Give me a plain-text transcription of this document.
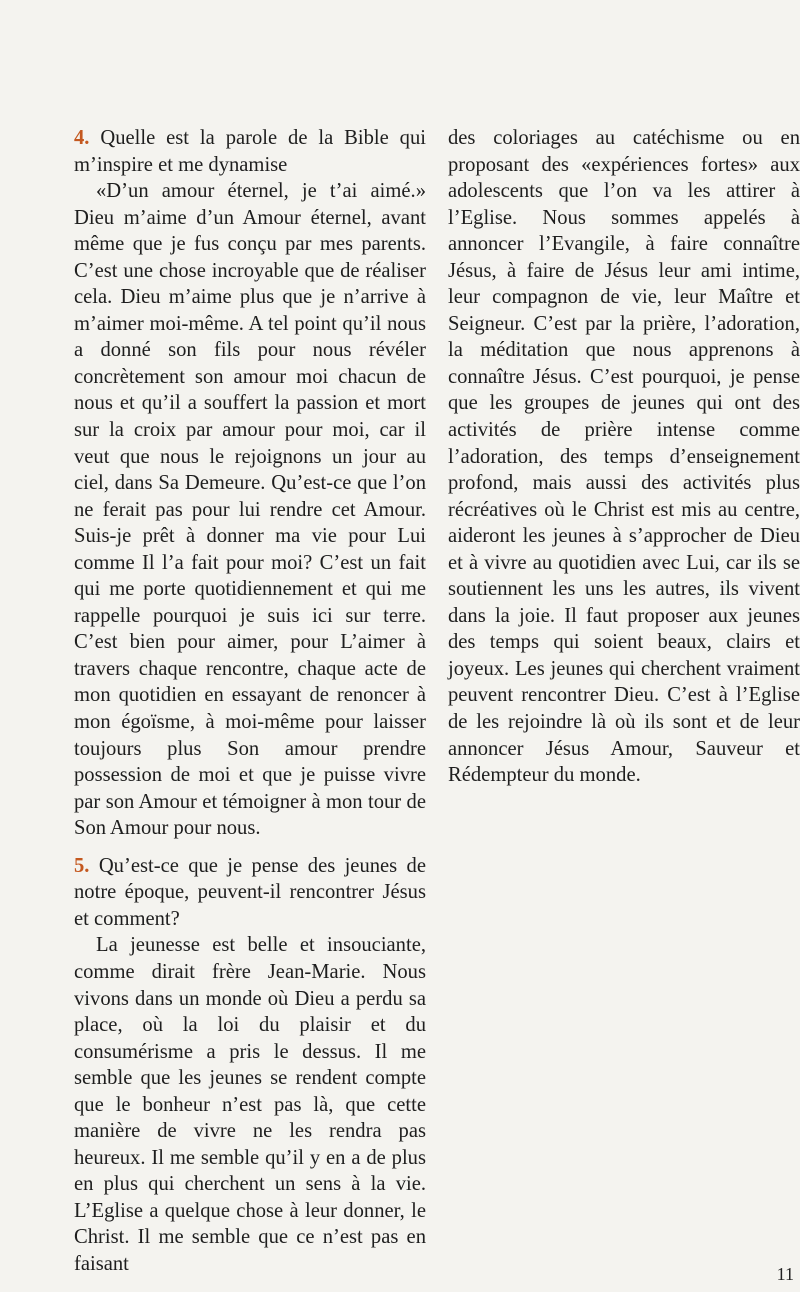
4. Quelle est la parole de la Bible qui m’inspire et me dynamise

«D’un amour éternel, je t’ai aimé.» Dieu m’aime d’un Amour éternel, avant même que je fus conçu par mes parents. C’est une chose incroyable que de réaliser cela. Dieu m’aime plus que je n’arrive à m’aimer moi-même. A tel point qu’il nous a donné son fils pour nous révéler concrètement son amour moi chacun de nous et qu’il a souffert la passion et mort sur la croix par amour pour moi, car il veut que nous le rejoignons un jour au ciel, dans Sa Demeure. Qu’est-ce que l’on ne ferait pas pour lui rendre cet Amour. Suis-je prêt à donner ma vie pour Lui comme Il l’a fait pour moi? C’est un fait qui me porte quotidiennement et qui me rappelle pourquoi je suis ici sur terre. C’est bien pour aimer, pour L’aimer à travers chaque rencontre, chaque acte de mon quotidien en essayant de renoncer à mon égoïsme, à moi-même pour laisser toujours plus Son amour prendre possession de moi et que je puisse vivre par son Amour et témoigner à mon tour de Son Amour pour nous.

5. Qu’est-ce que je pense des jeunes de notre époque, peuvent-il rencontrer Jésus et comment?

La jeunesse est belle et insouciante, comme dirait frère Jean-Marie. Nous vivons dans un monde où Dieu a perdu sa place, où la loi du plaisir et du consumérisme a pris le dessus. Il me semble que les jeunes se rendent compte que le bonheur n’est pas là, que cette manière de vivre ne les rendra pas heureux. Il me semble qu’il y en a de plus en plus qui cherchent un sens à la vie. L’Eglise a quelque chose à leur donner, le Christ. Il me semble que ce n’est pas en faisant

des coloriages au catéchisme ou en proposant des «expériences fortes» aux adolescents que l’on va les attirer à l’Eglise. Nous sommes appelés à annoncer l’Evangile, à faire connaître Jésus, à faire de Jésus leur ami intime, leur compagnon de vie, leur Maître et Seigneur. C’est par la prière, l’adoration, la méditation que nous apprenons à connaître Jésus. C’est pourquoi, je pense que les groupes de jeunes qui ont des activités de prière intense comme l’adoration, des temps d’enseignement profond, mais aussi des activités plus récréatives où le Christ est mis au centre, aideront les jeunes à s’approcher de Dieu et à vivre au quotidien avec Lui, car ils se soutiennent les uns les autres, ils vivent dans la joie. Il faut proposer aux jeunes des temps qui soient beaux, clairs et joyeux. Les jeunes qui cherchent vraiment peuvent rencontrer Dieu. C’est à l’Eglise de les rejoindre là où ils sont et de leur annoncer Jésus Amour, Sauveur et Rédempteur du monde.

11
